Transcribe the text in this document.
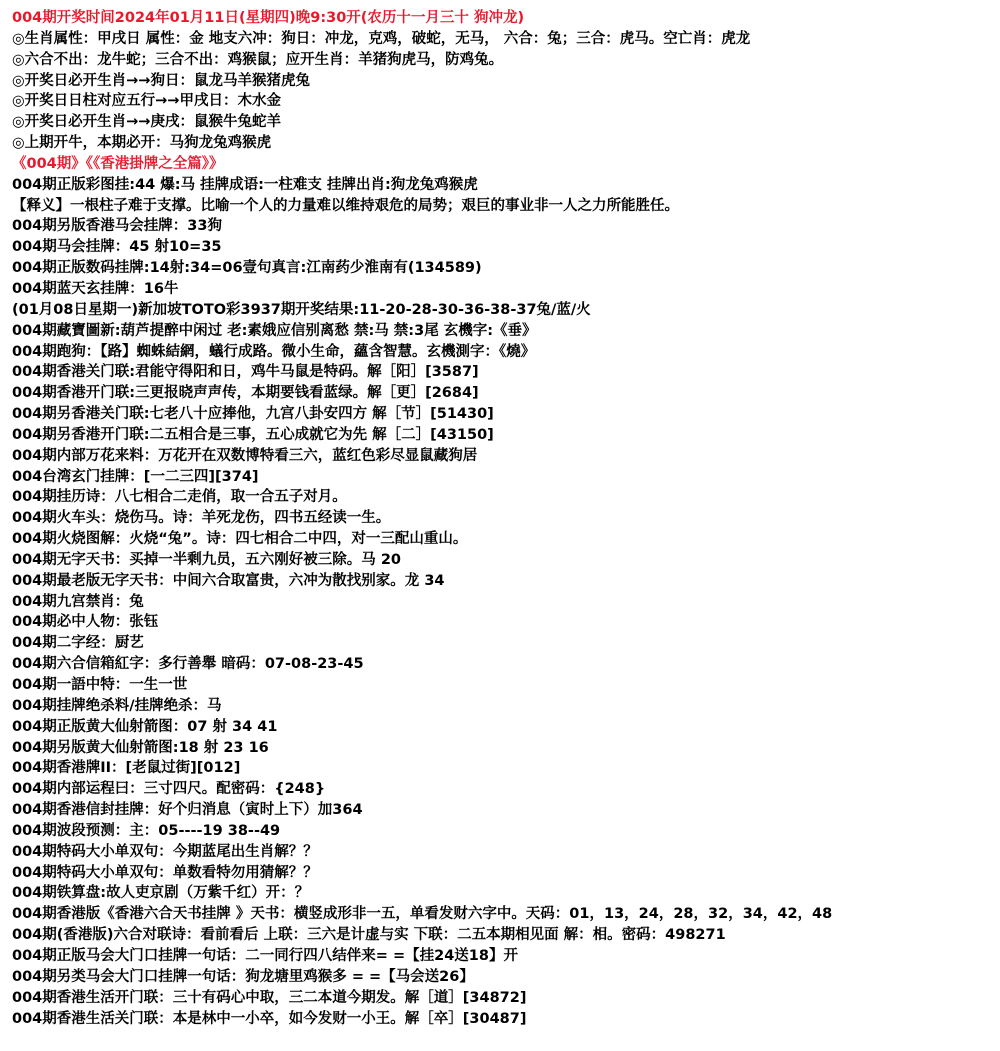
004期开奖时间2024年01月11日(星期四)晚9:30开(农历十一月三十 狗冲龙)
◎生肖属性：甲戌日 属性：金 地支六冲：狗日：冲龙，克鸡，破蛇，无马， 六合：兔；三合：虎马。空亡肖：虎龙
◎六合不出：龙牛蛇；三合不出：鸡猴鼠；应开生肖：羊猪狗虎马，防鸡兔。
◎开奖日必开生肖→→狗日：鼠龙马羊猴猪虎兔
◎开奖日日柱对应五行→→甲戌日：木水金
◎开奖日必开生肖→→庚戌：鼠猴牛兔蛇羊
◎上期开牛，本期必开：马狗龙兔鸡猴虎
《004期》《《香港掛牌之全篇》》
004期正版彩图挂:44 爆:马 挂牌成语:一柱难支 挂牌出肖:狗龙兔鸡猴虎
【释义】一根柱子难于支撑。比喻一个人的力量难以维持艰危的局势；艰巨的事业非一人之力所能胜任。
004期另版香港马会挂牌：33狗
004期马会挂牌：45 射10=35
004期正版数码挂牌:14射:34=06壹句真言:江南药少淮南有(134589)
004期蓝天玄挂牌：16牛
(01月08日星期一)新加坡TOTO彩3937期开奖结果:11-20-28-30-36-38-37兔/蓝/火
004期藏寶圖新:葫芦提醉中闲过 老:素娥应信别离愁 禁:马 禁:3尾 玄機字:《垂》
004期跑狗：【路】蜘蛛結網，蟻行成路。微小生命，蘊含智慧。玄機測字：《燒》
004期香港关门联:君能守得阳和日，鸡牛马鼠是特码。解［阳］[3587]
004期香港开门联:三更报晓声声传，本期要钱看蓝绿。解［更］[2684]
004期另香港关门联:七老八十应捧他，九宫八卦安四方 解［节］[51430]
004期另香港开门联:二五相合是三事，五心成就它为先 解［二］[43150]
004期内部万花来料：万花开在双数博特看三六，蓝红色彩尽显鼠藏狗居
004台湾玄门挂牌：[一二三四][374]
004期挂历诗：八七相合二走俏，取一合五子对月。
004期火车头：烧伤马。诗：羊死龙伤，四书五经读一生。
004期火烧图解：火烧“兔”。诗：四七相合二中四，对一三配山重山。
004期无字天书：买掉一半剩九员，五六刚好被三除。马 20
004期最老版无字天书：中间六合取富贵，六冲为散找别家。龙 34
004期九宫禁肖：兔
004期必中人物：张钰
004期二字经：厨艺
004期六合信箱紅字：多行善舉 暗码：07-08-23-45
004期一語中特：一生一世
004期挂牌绝杀料/挂牌绝杀：马
004期正版黄大仙射箭图：07 射 34 41
004期另版黄大仙射箭图:18 射 23 16
004期香港牌II：[老鼠过街][012]
004期内部运程曰：三寸四尺。配密码：{248}
004期香港信封挂牌：好个归消息（寅时上下）加364
004期波段预测：主：05----19 38--49
004期特码大小单双句：今期蓝尾出生肖解？？
004期特码大小单双句：单数看特勿用猜解？？
004期铁算盘:故人吏京剧（万紫千红）开：？
004期香港版《香港六合天书挂牌 》天书：横竖成形非一五，单看发财六字中。天码：01，13，24，28，32，34，42，48
004期(香港版)六合对联诗：看前看后 上联：三六是计虚与实 下联：二五本期相见面 解：相。密码：498271
004期正版马会大门口挂牌一句话：二一同行四八结伴来= =【挂24送18】开
004期另类马会大门口挂牌一句话：狗龙塘里鸡猴多 = =【马会送26】
004期香港生活开门联：三十有码心中取，三二本道今期发。解［道］[34872]
004期香港生活关门联：本是林中一小卒，如今发财一小王。解［卒］[30487]
